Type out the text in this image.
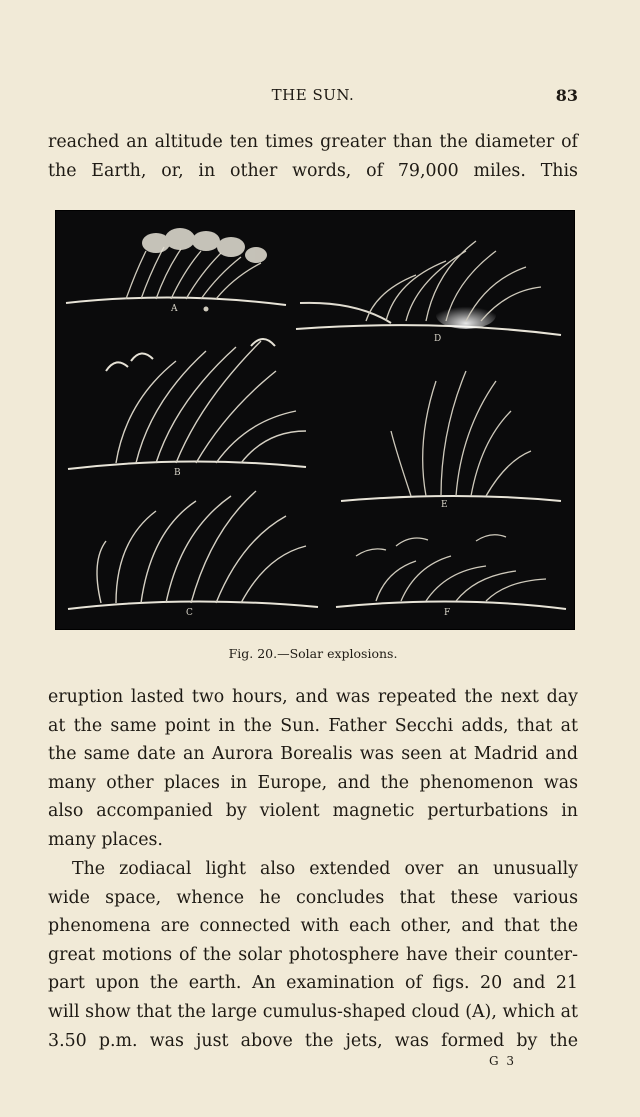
THE SUN.	83
reached an altitude ten times greater than the diameter of
the Earth, or, in other words, of 79,000 miles. This
A
B
C
D
E
F
Fig. 20.—Solar explosions.
eruption lasted two hours, and was repeated the next day
at the same point in the Sun. Father Secchi adds, that at
the same date an Aurora Borealis was seen at Madrid and
many other places in Europe, and the phenomenon was
also accompanied by violent magnetic perturbations in
many places.
The zodiacal light also extended over an unusually
wide space, whence he concludes that these various
phenomena are connected with each other, and that the
great motions of the solar photosphere have their counter-
part upon the earth. An examination of figs. 20 and 21
will show that the large cumulus-shaped cloud (A), which at
3.50 p.m. was just above the jets, was formed by the
G 3
